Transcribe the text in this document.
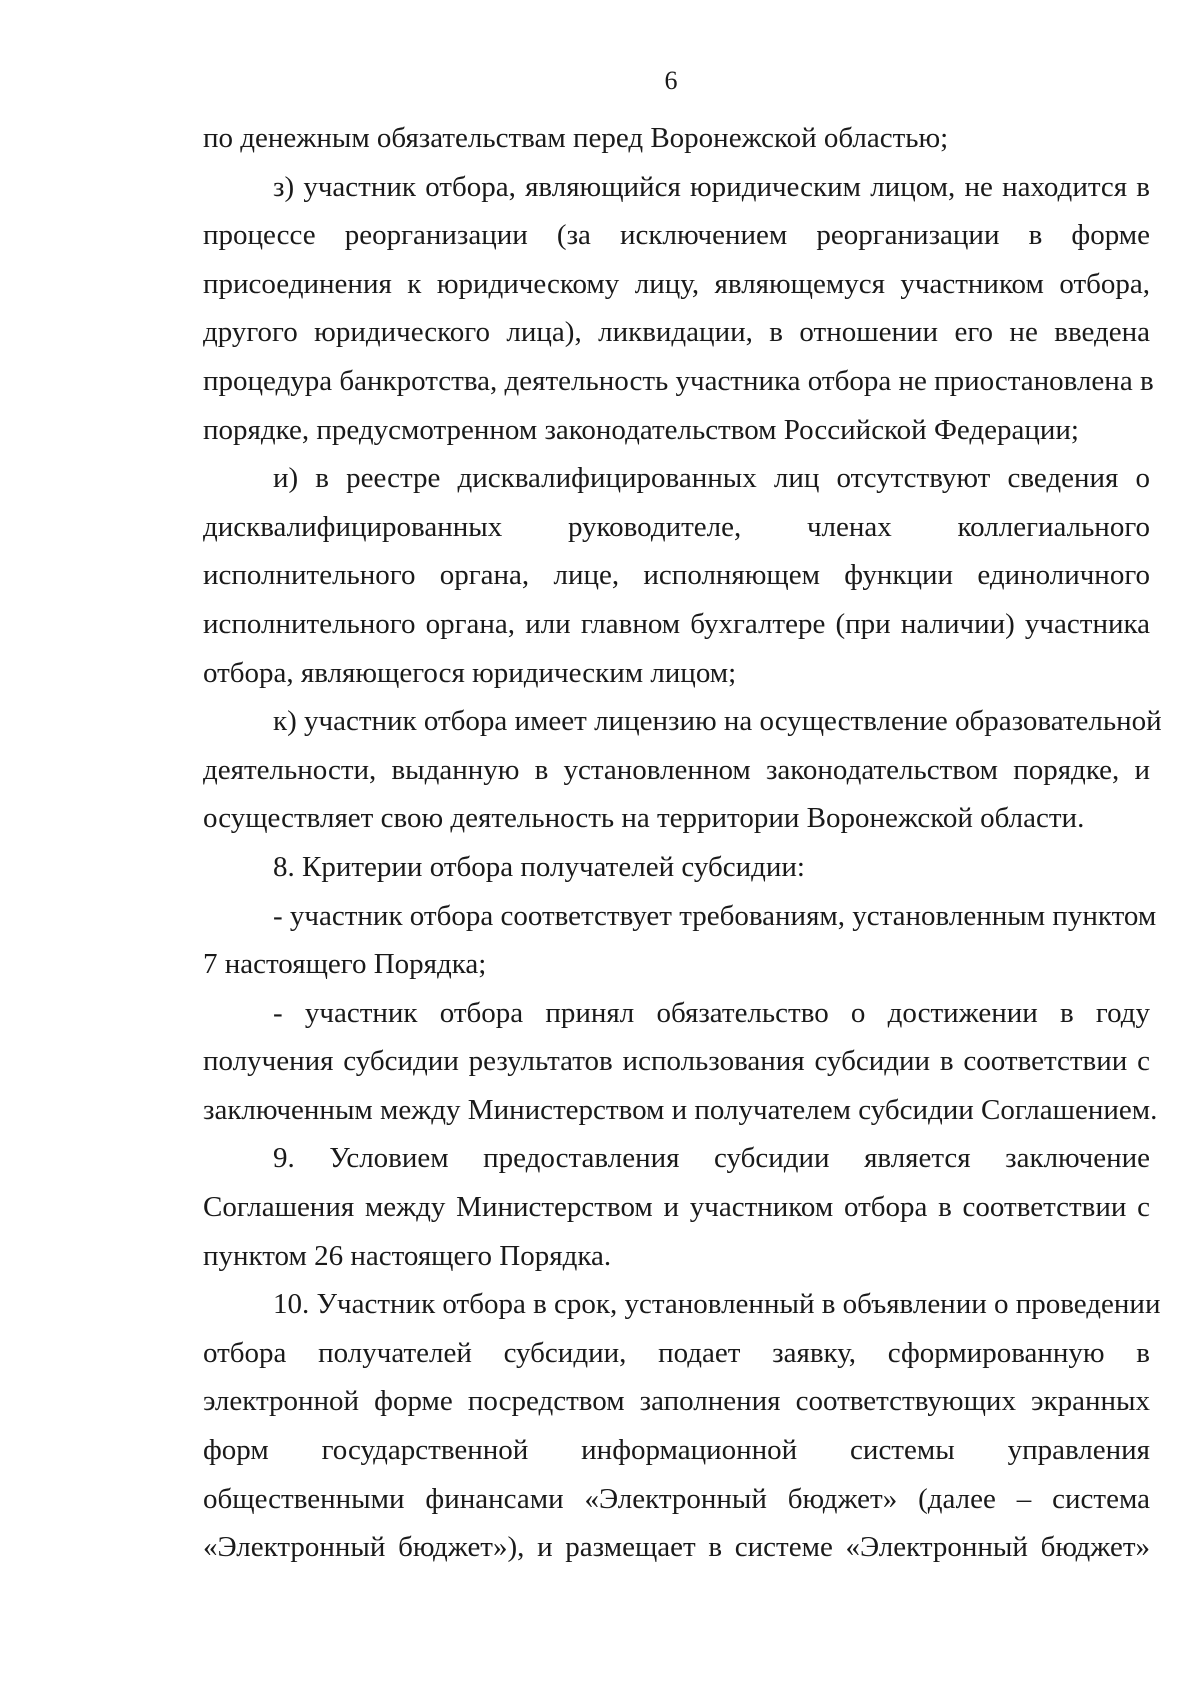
6
по денежным обязательствам перед Воронежской областью;
з) участник отбора, являющийся юридическим лицом, не находится в
процессе реорганизации (за исключением реорганизации в форме
присоединения к юридическому лицу, являющемуся участником отбора,
другого юридического лица), ликвидации, в отношении его не введена
процедура банкротства, деятельность участника отбора не приостановлена в
порядке, предусмотренном законодательством Российской Федерации;
и) в реестре дисквалифицированных лиц отсутствуют сведения о
дисквалифицированных руководителе, членах коллегиального
исполнительного органа, лице, исполняющем функции единоличного
исполнительного органа, или главном бухгалтере (при наличии) участника
отбора, являющегося юридическим лицом;
к) участник отбора имеет лицензию на осуществление образовательной
деятельности, выданную в установленном законодательством порядке, и
осуществляет свою деятельность на территории Воронежской области.
8. Критерии отбора получателей субсидии:
- участник отбора соответствует требованиям, установленным пунктом
7 настоящего Порядка;
- участник отбора принял обязательство о достижении в году
получения субсидии результатов использования субсидии в соответствии с
заключенным между Министерством и получателем субсидии Соглашением.
9. Условием предоставления субсидии является заключение
Соглашения между Министерством и участником отбора в соответствии с
пунктом 26 настоящего Порядка.
10. Участник отбора в срок, установленный в объявлении о проведении
отбора получателей субсидии, подает заявку, сформированную в
электронной форме посредством заполнения соответствующих экранных
форм государственной информационной системы управления
общественными финансами «Электронный бюджет» (далее – система
«Электронный бюджет»), и размещает в системе «Электронный бюджет»
